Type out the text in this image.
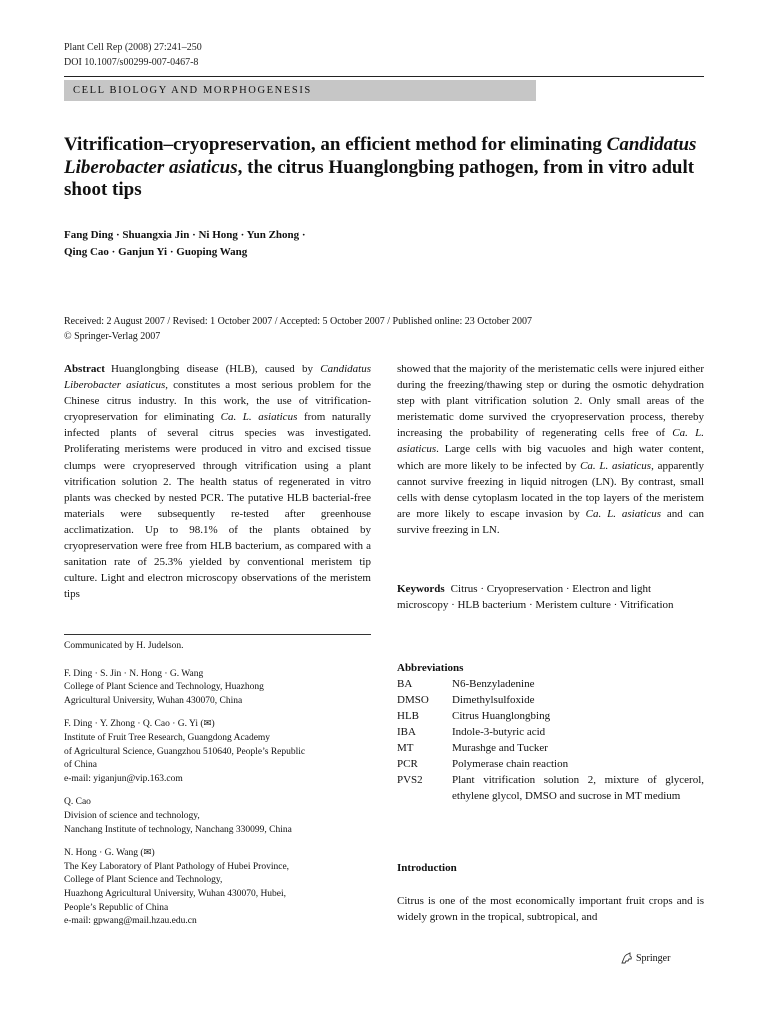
Plant Cell Rep (2008) 27:241–250
DOI 10.1007/s00299-007-0467-8
CELL BIOLOGY AND MORPHOGENESIS
Vitrification–cryopreservation, an efficient method for eliminating Candidatus Liberobacter asiaticus, the citrus Huanglongbing pathogen, from in vitro adult shoot tips
Fang Ding · Shuangxia Jin · Ni Hong · Yun Zhong ·
Qing Cao · Ganjun Yi · Guoping Wang
Received: 2 August 2007 / Revised: 1 October 2007 / Accepted: 5 October 2007 / Published online: 23 October 2007
© Springer-Verlag 2007
Abstract Huanglongbing disease (HLB), caused by Candidatus Liberobacter asiaticus, constitutes a most serious problem for the Chinese citrus industry. In this work, the use of vitrification-cryopreservation for eliminating Ca. L. asiaticus from naturally infected plants of several citrus species was investigated. Proliferating meristems were produced in vitro and excised tissue clumps were cryopreserved through vitrification using a plant vitrification solution 2. The health status of regenerated in vitro plants was checked by nested PCR. The putative HLB bacterial-free materials were subsequently re-tested after greenhouse acclimatization. Up to 98.1% of the plants obtained by cryopreservation were free from HLB bacterium, as compared with a sanitation rate of 25.3% yielded by conventional meristem tip culture. Light and electron microscopy observations of the meristem tips
showed that the majority of the meristematic cells were injured either during the freezing/thawing step or during the osmotic dehydration step with plant vitrification solution 2. Only small areas of the meristematic dome survived the cryopreservation process, thereby increasing the probability of regenerating cells free of Ca. L. asiaticus. Large cells with big vacuoles and high water content, which are more likely to be infected by Ca. L. asiaticus, apparently cannot survive freezing in liquid nitrogen (LN). By contrast, small cells with dense cytoplasm located in the top layers of the meristem are more likely to escape invasion by Ca. L. asiaticus and can survive freezing in LN.
Keywords Citrus · Cryopreservation · Electron and light microscopy · HLB bacterium · Meristem culture · Vitrification

Communicated by H. Judelson.

F. Ding · S. Jin · N. Hong · G. Wang
College of Plant Science and Technology, Huazhong
Agricultural University, Wuhan 430070, China

F. Ding · Y. Zhong · Q. Cao · G. Yi (✉)
Institute of Fruit Tree Research, Guangdong Academy
of Agricultural Science, Guangzhou 510640, People’s Republic
of China
e-mail: yiganjun@vip.163.com

Q. Cao
Division of science and technology,
Nanchang Institute of technology, Nanchang 330099, China

N. Hong · G. Wang (✉)
The Key Laboratory of Plant Pathology of Hubei Province,
College of Plant Science and Technology,
Huazhong Agricultural University, Wuhan 430070, Hubei,
People’s Republic of China
e-mail: gpwang@mail.hzau.edu.cn

Abbreviations
BA	N6-Benzyladenine
DMSO	Dimethylsulfoxide
HLB	Citrus Huanglongbing
IBA	Indole-3-butyric acid
MT	Murashge and Tucker
PCR	Polymerase chain reaction
PVS2	Plant vitrification solution 2, mixture of glycerol, ethylene glycol, DMSO and sucrose in MT medium
Introduction
Citrus is one of the most economically important fruit crops and is widely grown in the tropical, subtropical, and
Springer
